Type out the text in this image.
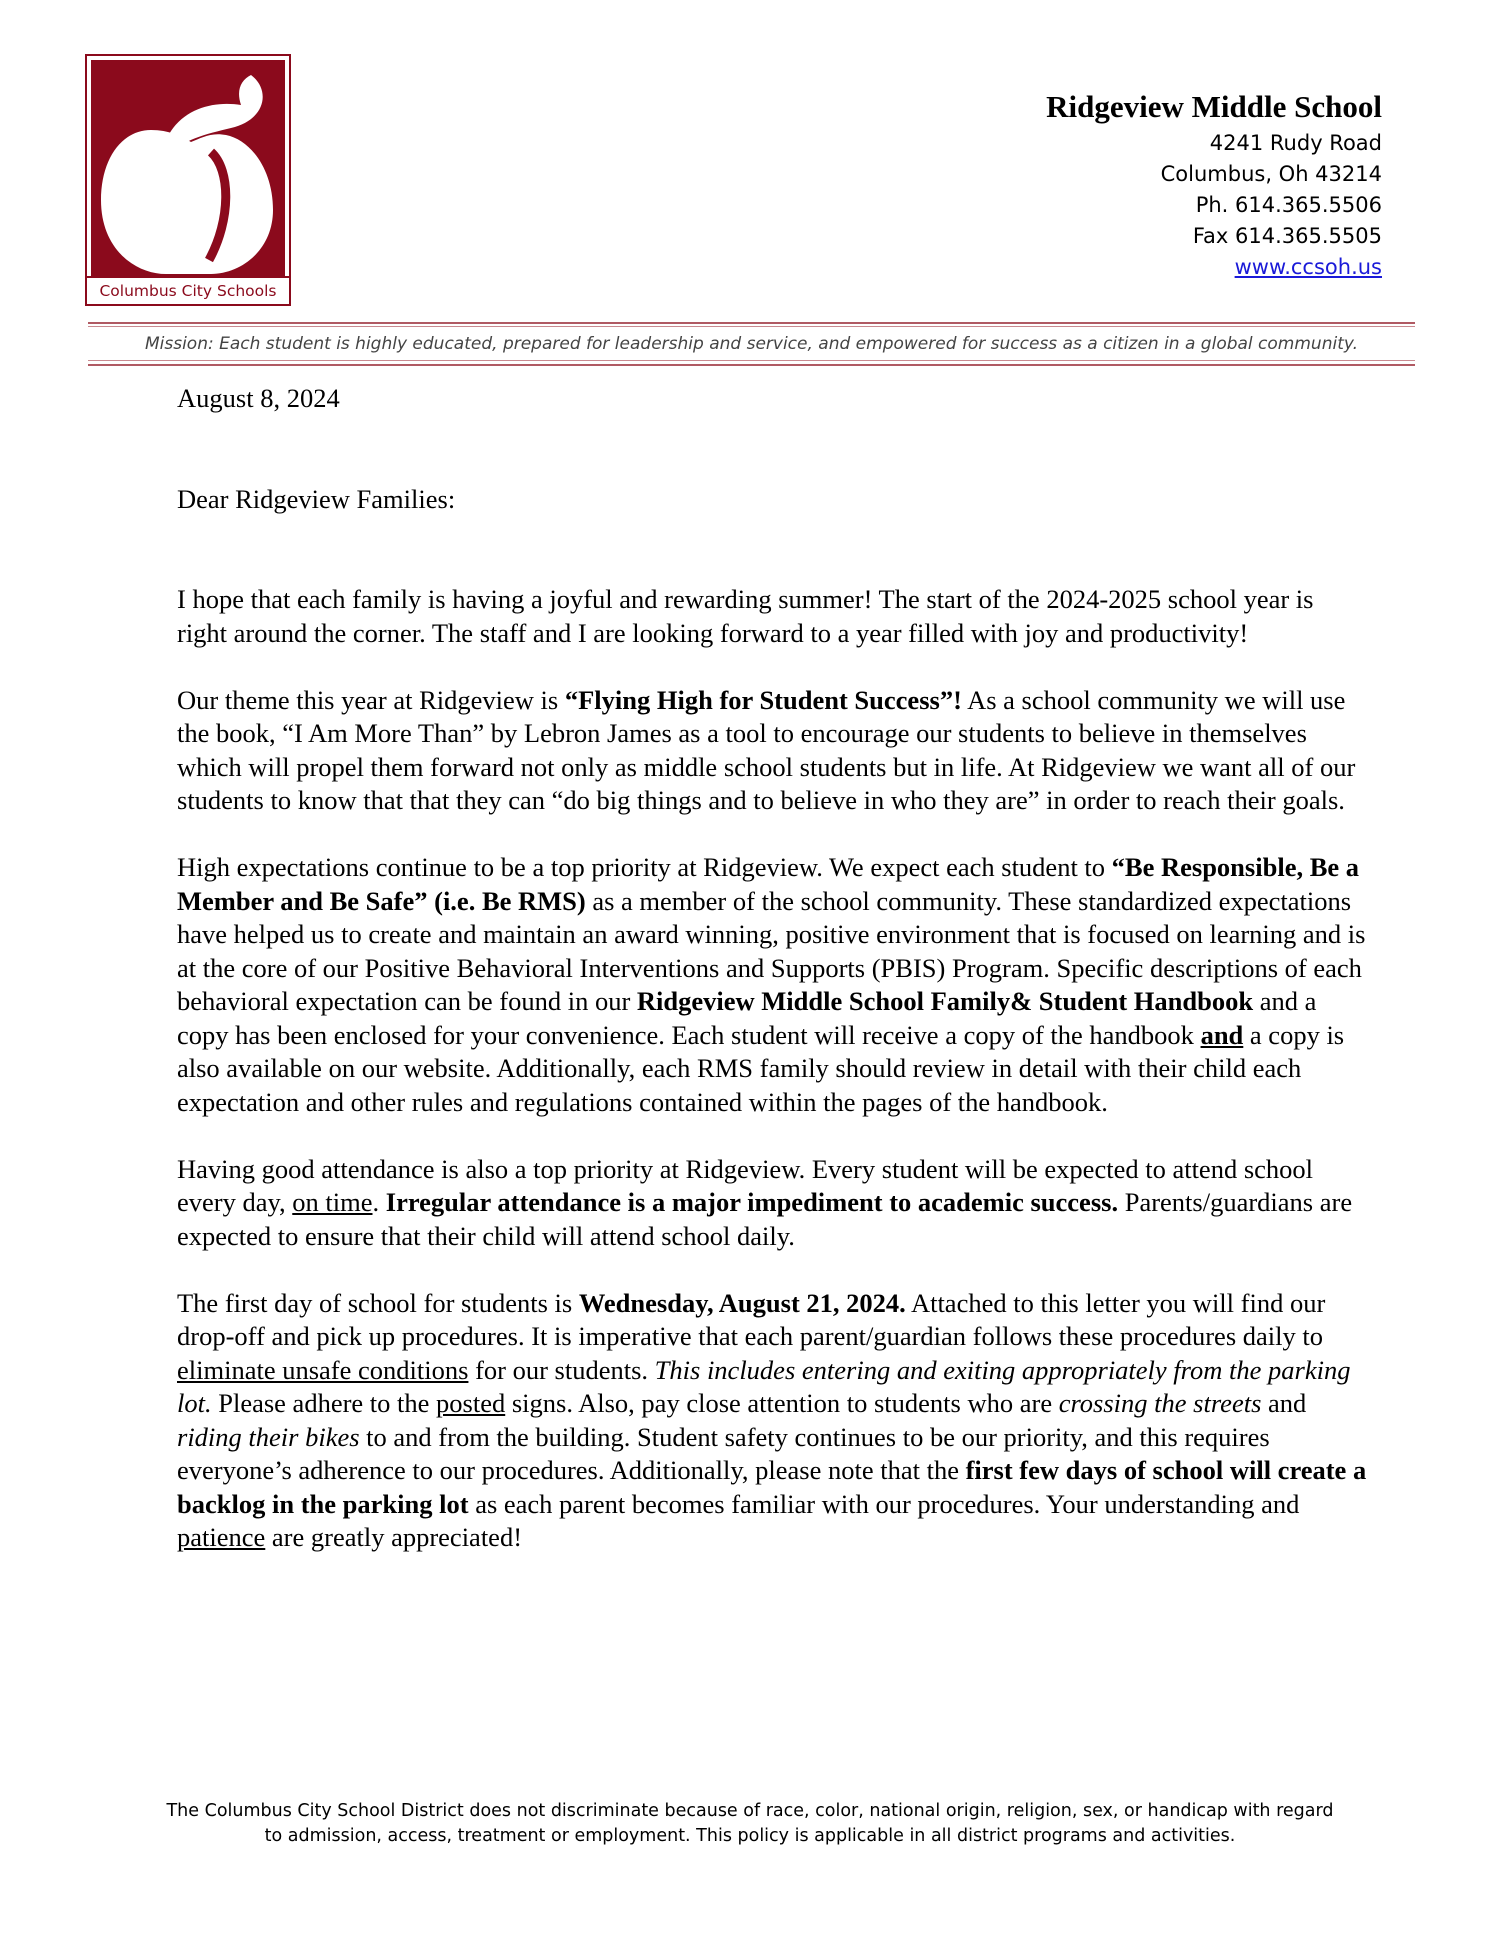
Columbus City Schools
Ridgeview Middle School
4241 Rudy Road
Columbus, Oh 43214
Ph. 614.365.5506
Fax 614.365.5505
www.ccsoh.us
Mission: Each student is highly educated, prepared for leadership and service, and empowered for success as a citizen in a global community.

August 8, 2024

Dear Ridgeview Families:

I hope that each family is having a joyful and rewarding summer! The start of the 2024-2025 school year is right around the corner. The staff and I are looking forward to a year filled with joy and productivity!

Our theme this year at Ridgeview is “Flying High for Student Success”! As a school community we will use the book, “I Am More Than” by Lebron James as a tool to encourage our students to believe in themselves which will propel them forward not only as middle school students but in life. At Ridgeview we want all of our students to know that that they can “do big things and to believe in who they are” in order to reach their goals.

High expectations continue to be a top priority at Ridgeview. We expect each student to “Be Responsible, Be a Member and Be Safe” (i.e. Be RMS) as a member of the school community. These standardized expectations have helped us to create and maintain an award winning, positive environment that is focused on learning and is at the core of our Positive Behavioral Interventions and Supports (PBIS) Program. Specific descriptions of each behavioral expectation can be found in our Ridgeview Middle School Family& Student Handbook and a copy has been enclosed for your convenience. Each student will receive a copy of the handbook and a copy is also available on our website. Additionally, each RMS family should review in detail with their child each expectation and other rules and regulations contained within the pages of the handbook.

Having good attendance is also a top priority at Ridgeview. Every student will be expected to attend school every day, on time. Irregular attendance is a major impediment to academic success. Parents/guardians are expected to ensure that their child will attend school daily.

The first day of school for students is Wednesday, August 21, 2024. Attached to this letter you will find our drop-off and pick up procedures. It is imperative that each parent/guardian follows these procedures daily to eliminate unsafe conditions for our students. This includes entering and exiting appropriately from the parking lot. Please adhere to the posted signs. Also, pay close attention to students who are crossing the streets and riding their bikes to and from the building. Student safety continues to be our priority, and this requires everyone’s adherence to our procedures. Additionally, please note that the first few days of school will create a backlog in the parking lot as each parent becomes familiar with our procedures. Your understanding and patience are greatly appreciated!

The Columbus City School District does not discriminate because of race, color, national origin, religion, sex, or handicap with regard
to admission, access, treatment or employment. This policy is applicable in all district programs and activities.
